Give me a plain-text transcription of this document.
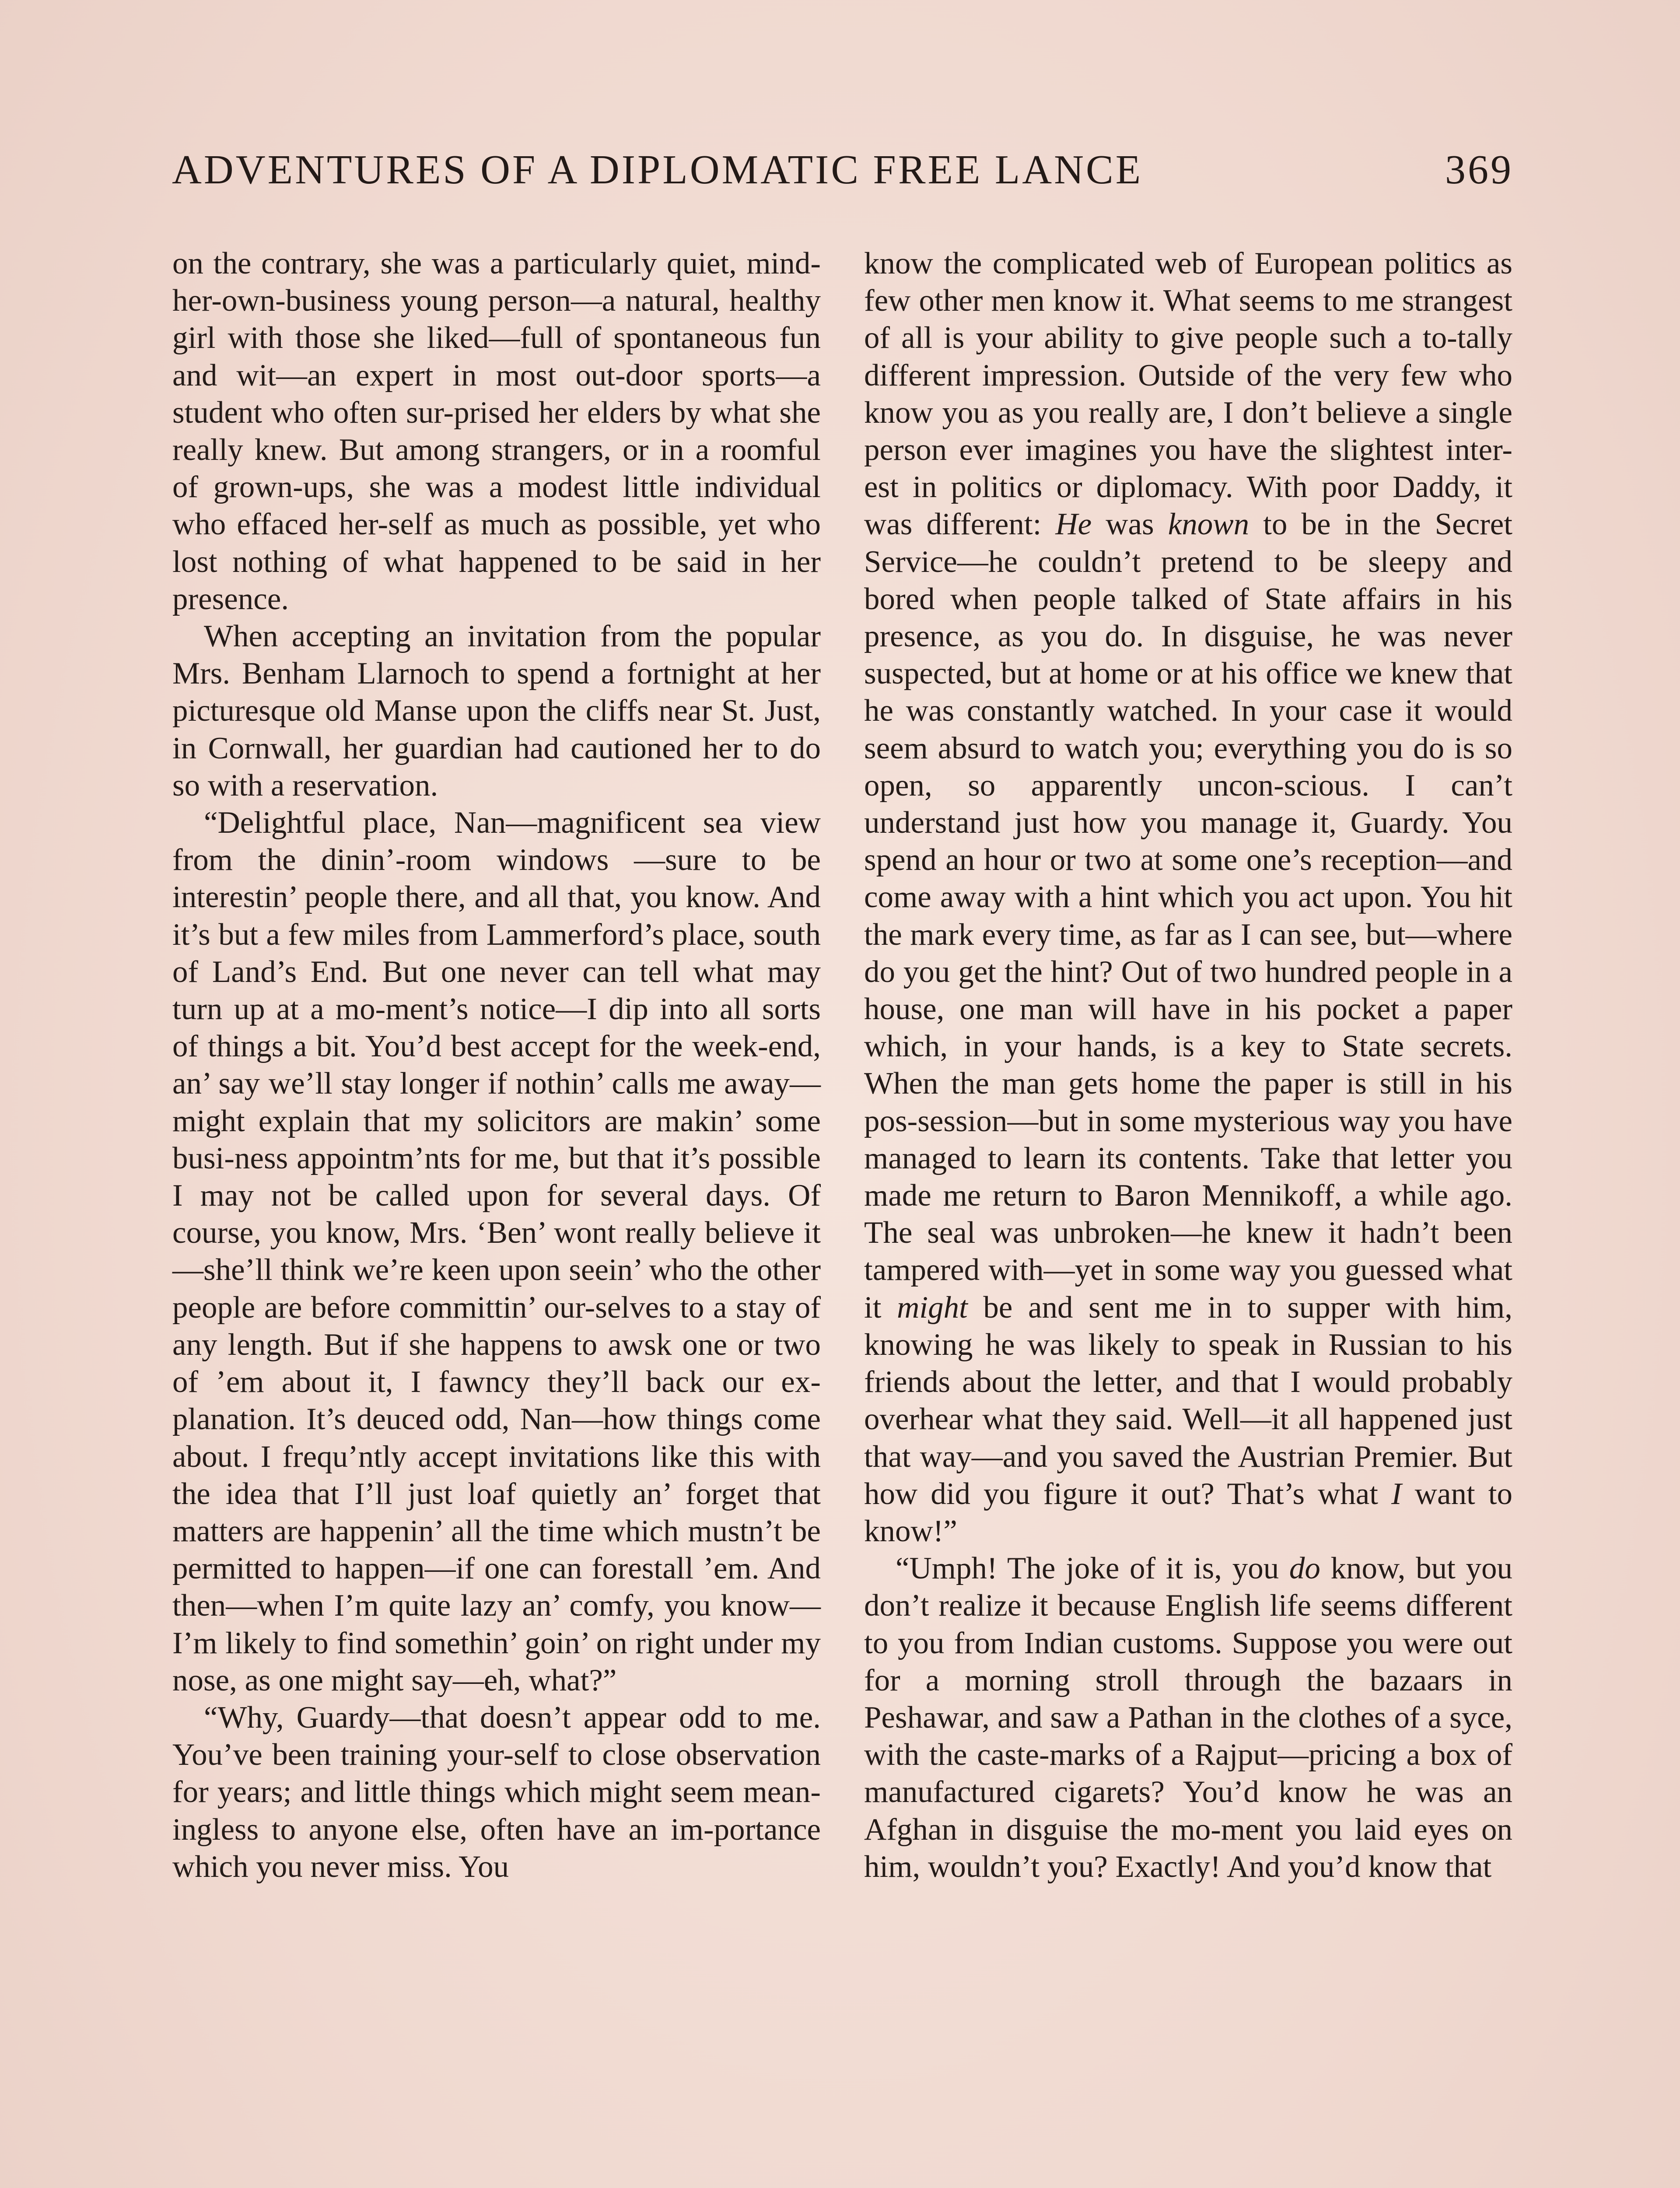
ADVENTURES OF A DIPLOMATIC FREE LANCE	369

on the contrary, she was a particularly quiet, mind-her-own-business young person—a natural, healthy girl with those she liked—full of spontaneous fun and wit—an expert in most out-door sports—a student who often sur-prised her elders by what she really knew. But among strangers, or in a roomful of grown-ups, she was a modest little individual who effaced her-self as much as possible, yet who lost nothing of what happened to be said in her presence.

When accepting an invitation from the popular Mrs. Benham Llarnoch to spend a fortnight at her picturesque old Manse upon the cliffs near St. Just, in Cornwall, her guardian had cautioned her to do so with a reservation.

“Delightful place, Nan—magnificent sea view from the dinin’-room windows —sure to be interestin’ people there, and all that, you know. And it’s but a few miles from Lammerford’s place, south of Land’s End. But one never can tell what may turn up at a mo-ment’s notice—I dip into all sorts of things a bit. You’d best accept for the week-end, an’ say we’ll stay longer if nothin’ calls me away—might explain that my solicitors are makin’ some busi-ness appointm’nts for me, but that it’s possible I may not be called upon for several days. Of course, you know, Mrs. ‘Ben’ wont really believe it—she’ll think we’re keen upon seein’ who the other people are before committin’ our-selves to a stay of any length. But if she happens to awsk one or two of ’em about it, I fawncy they’ll back our ex-planation. It’s deuced odd, Nan—how things come about. I frequ’ntly accept invitations like this with the idea that I’ll just loaf quietly an’ forget that matters are happenin’ all the time which mustn’t be permitted to happen—if one can forestall ’em. And then—when I’m quite lazy an’ comfy, you know—I’m likely to find somethin’ goin’ on right under my nose, as one might say—eh, what?”

“Why, Guardy—that doesn’t appear odd to me. You’ve been training your-self to close observation for years; and little things which might seem mean-ingless to anyone else, often have an im-portance which you never miss. You

know the complicated web of European politics as few other men know it. What seems to me strangest of all is your ability to give people such a to-tally different impression. Outside of the very few who know you as you really are, I don’t believe a single person ever imagines you have the slightest inter-est in politics or diplomacy. With poor Daddy, it was different: He was known to be in the Secret Service—he couldn’t pretend to be sleepy and bored when people talked of State affairs in his presence, as you do. In disguise, he was never suspected, but at home or at his office we knew that he was constantly watched. In your case it would seem absurd to watch you; everything you do is so open, so apparently uncon-scious. I can’t understand just how you manage it, Guardy. You spend an hour or two at some one’s reception—and come away with a hint which you act upon. You hit the mark every time, as far as I can see, but—where do you get the hint? Out of two hundred people in a house, one man will have in his pocket a paper which, in your hands, is a key to State secrets. When the man gets home the paper is still in his pos-session—but in some mysterious way you have managed to learn its contents. Take that letter you made me return to Baron Mennikoff, a while ago. The seal was unbroken—he knew it hadn’t been tampered with—yet in some way you guessed what it might be and sent me in to supper with him, knowing he was likely to speak in Russian to his friends about the letter, and that I would probably overhear what they said. Well—it all happened just that way—and you saved the Austrian Premier. But how did you figure it out? That’s what I want to know!”

“Umph! The joke of it is, you do know, but you don’t realize it because English life seems different to you from Indian customs. Suppose you were out for a morning stroll through the bazaars in Peshawar, and saw a Pathan in the clothes of a syce, with the caste-marks of a Rajput—pricing a box of manufactured cigarets? You’d know he was an Afghan in disguise the mo-ment you laid eyes on him, wouldn’t you? Exactly! And you’d know that
